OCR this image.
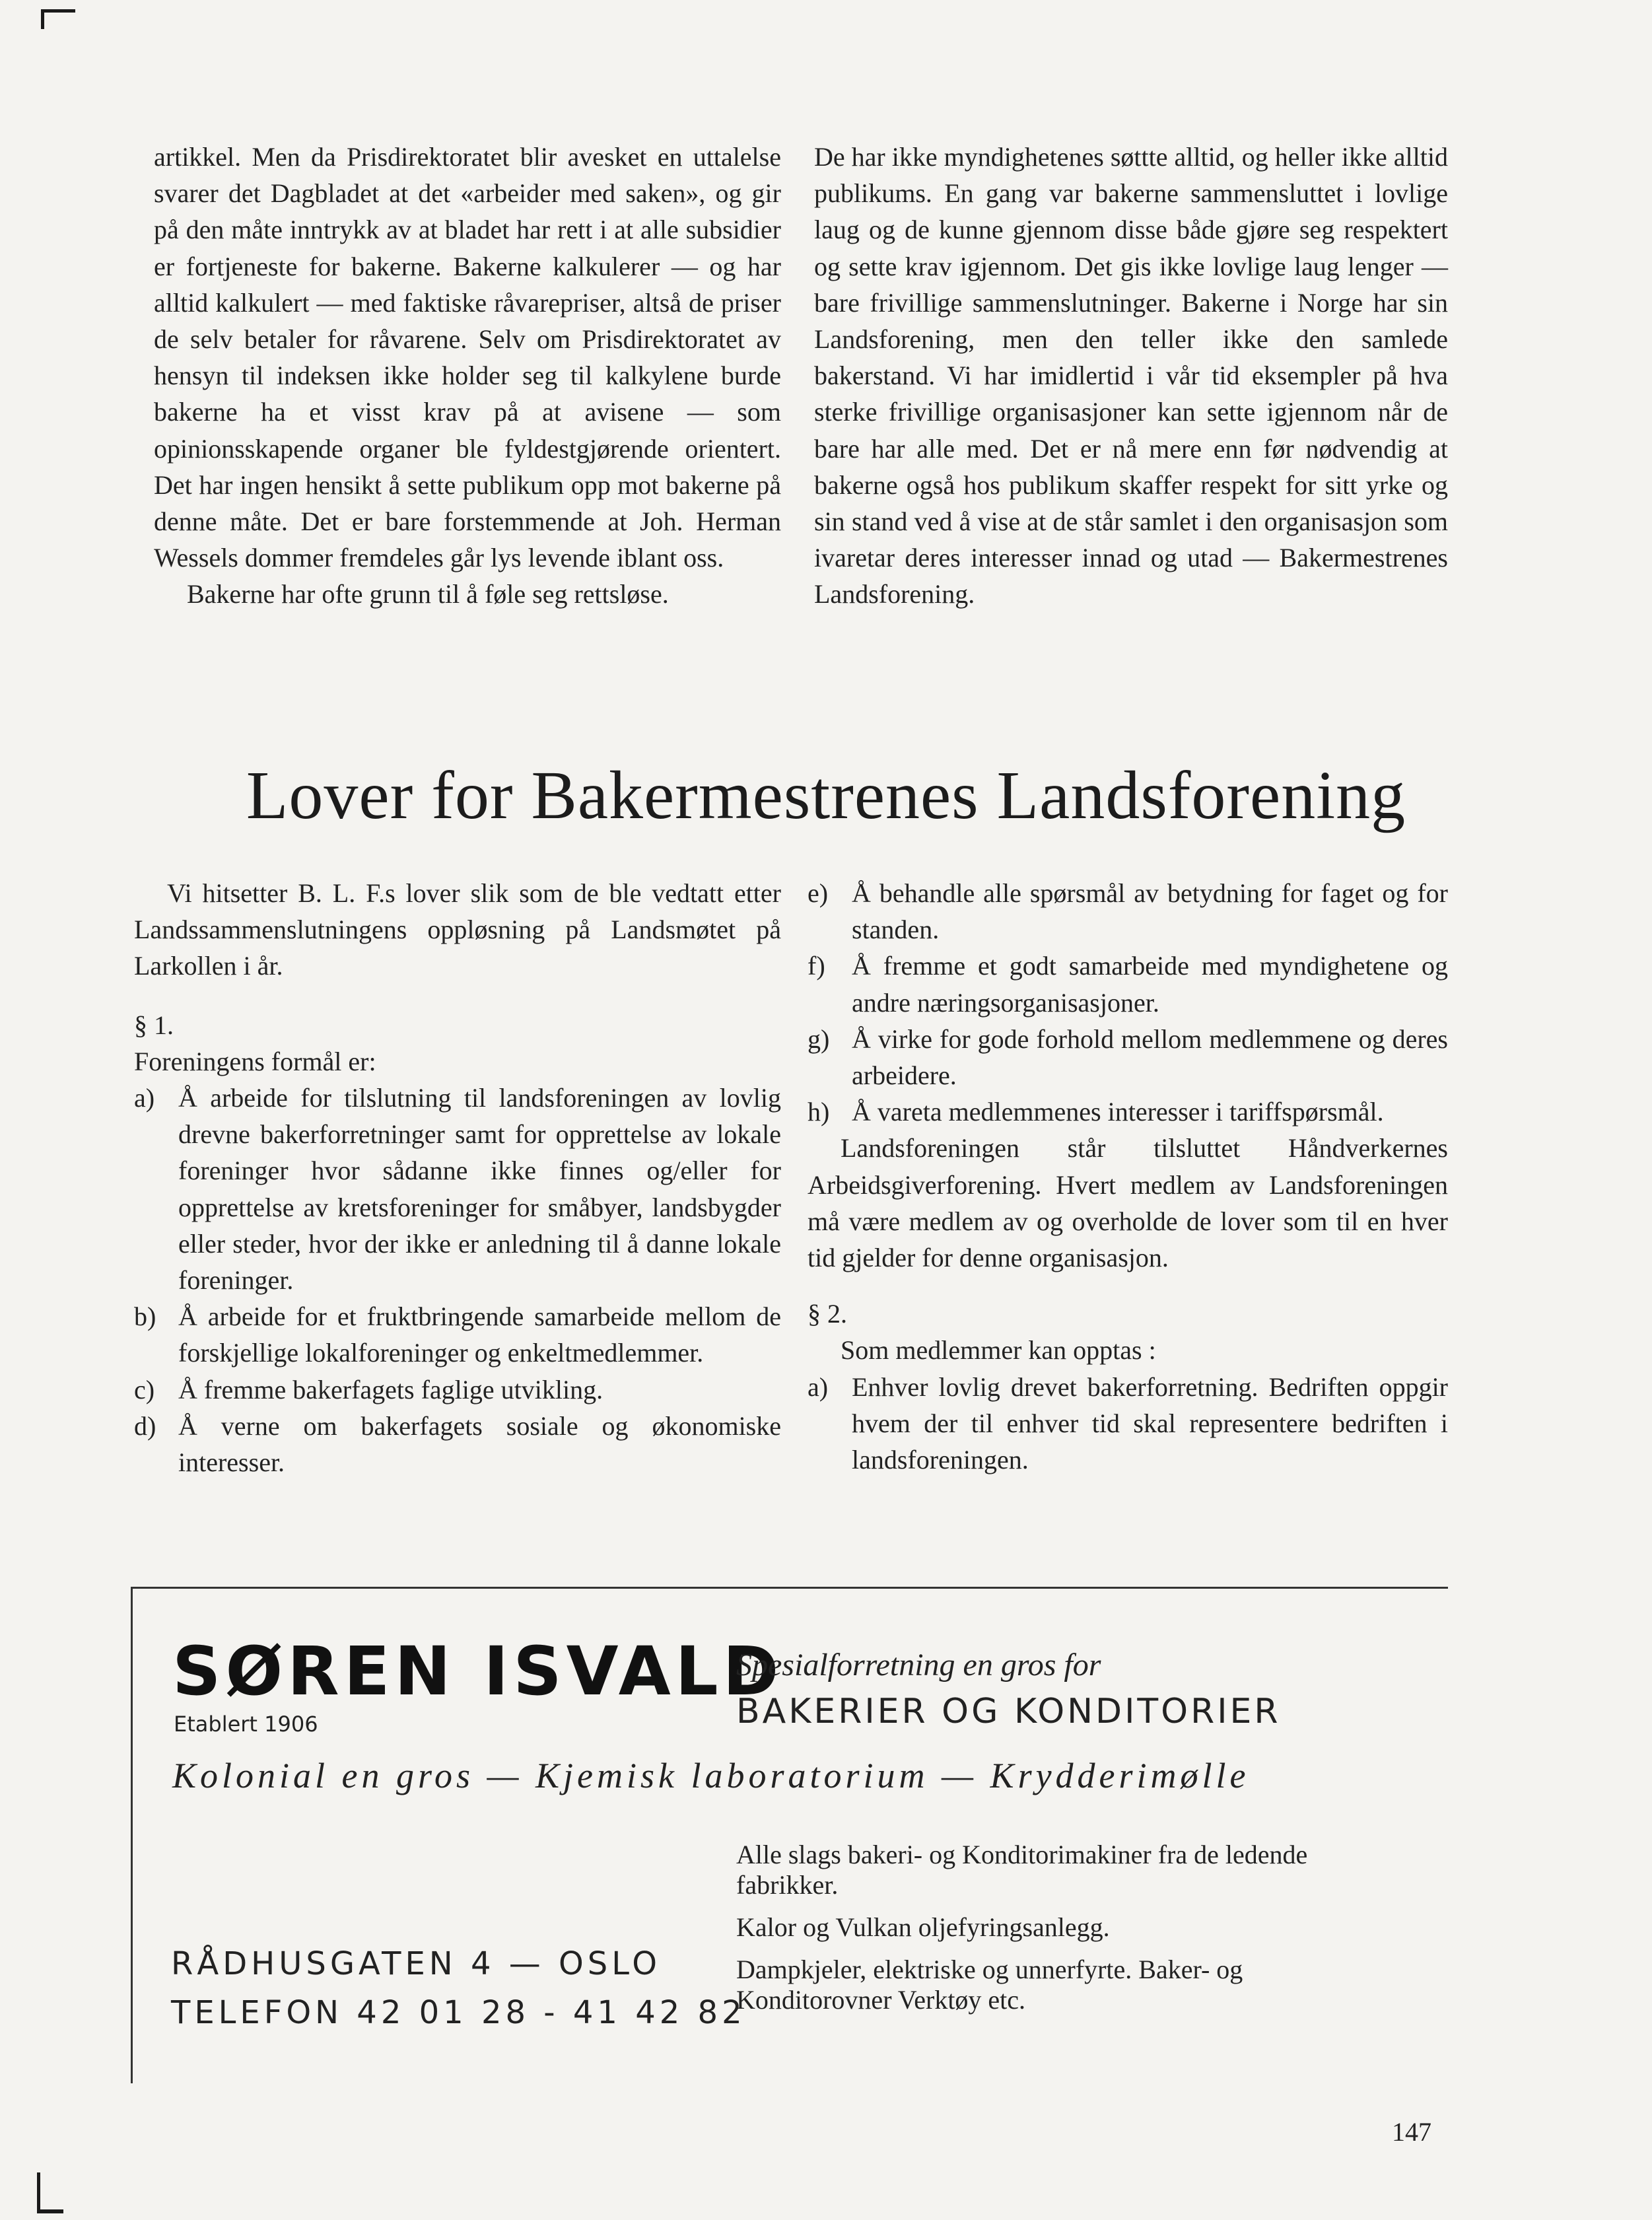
artikkel. Men da Prisdirektoratet blir avesket en uttalelse svarer det Dagbladet at det «arbeider med saken», og gir på den måte inntrykk av at bladet har rett i at alle subsidier er fortjeneste for bakerne. Bakerne kalkulerer — og har alltid kalkulert — med faktiske råvarepriser, altså de priser de selv betaler for råvarene. Selv om Prisdirektoratet av hensyn til indeksen ikke holder seg til kalkylene burde bakerne ha et visst krav på at avisene — som opinionsskapende organer ble fyldestgjørende orientert. Det har ingen hensikt å sette publikum opp mot bakerne på denne måte. Det er bare forstemmende at Joh. Herman Wessels dommer fremdeles går lys levende iblant oss.

Bakerne har ofte grunn til å føle seg rettsløse.

De har ikke myndighetenes søttte alltid, og heller ikke alltid publikums. En gang var bakerne sammensluttet i lovlige laug og de kunne gjennom disse både gjøre seg respektert og sette krav igjennom. Det gis ikke lovlige laug lenger — bare frivillige sammenslutninger. Bakerne i Norge har sin Landsforening, men den teller ikke den samlede bakerstand. Vi har imidlertid i vår tid eksempler på hva sterke frivillige organisasjoner kan sette igjennom når de bare har alle med. Det er nå mere enn før nødvendig at bakerne også hos publikum skaffer respekt for sitt yrke og sin stand ved å vise at de står samlet i den organisasjon som ivaretar deres interesser innad og utad — Bakermestrenes Landsforening.

Lover for Bakermestrenes Landsforening

Vi hitsetter B. L. F.s lover slik som de ble vedtatt etter Landssammenslutningens oppløsning på Landsmøtet på Larkollen i år.

§ 1.

Foreningens formål er:

a) Å arbeide for tilslutning til landsforeningen av lovlig drevne bakerforretninger samt for opprettelse av lokale foreninger hvor sådanne ikke finnes og/eller for opprettelse av kretsforeninger for småbyer, landsbygder eller steder, hvor der ikke er anledning til å danne lokale foreninger.
b) Å arbeide for et fruktbringende samarbeide mellom de forskjellige lokalforeninger og enkeltmedlemmer.
c) Å fremme bakerfagets faglige utvikling.
d) Å verne om bakerfagets sosiale og økonomiske interesser.
e) Å behandle alle spørsmål av betydning for faget og for standen.
f)	Å fremme et godt samarbeide med myndighetene og andre næringsorganisasjoner.
g) Å virke for gode forhold mellom medlemmene og deres arbeidere.
h) Å vareta medlemmenes interesser i tariffspørsmål.

Landsforeningen står tilsluttet Håndverkernes Arbeidsgiverforening. Hvert medlem av Landsforeningen må være medlem av og overholde de lover som til en hver tid gjelder for denne organisasjon.

§ 2.

Som medlemmer kan opptas :

a) Enhver lovlig drevet bakerforretning. Bedriften oppgir hvem der til enhver tid skal representere bedriften i landsforeningen.
SØREN ISVALD
Etablert 1906
Spesialforretning en gros for
BAKERIER OG KONDITORIER
Kolonial en gros — Kjemisk laboratorium — Krydderimølle
RÅDHUSGATEN 4 — OSLO
TELEFON 42 01 28 - 41 42 82

Alle slags bakeri- og Konditorimakiner fra de ledende fabrikker.

Kalor og Vulkan oljefyringsanlegg.

Dampkjeler, elektriske og unnerfyrte. Baker- og Konditorovner Verktøy etc.

147
